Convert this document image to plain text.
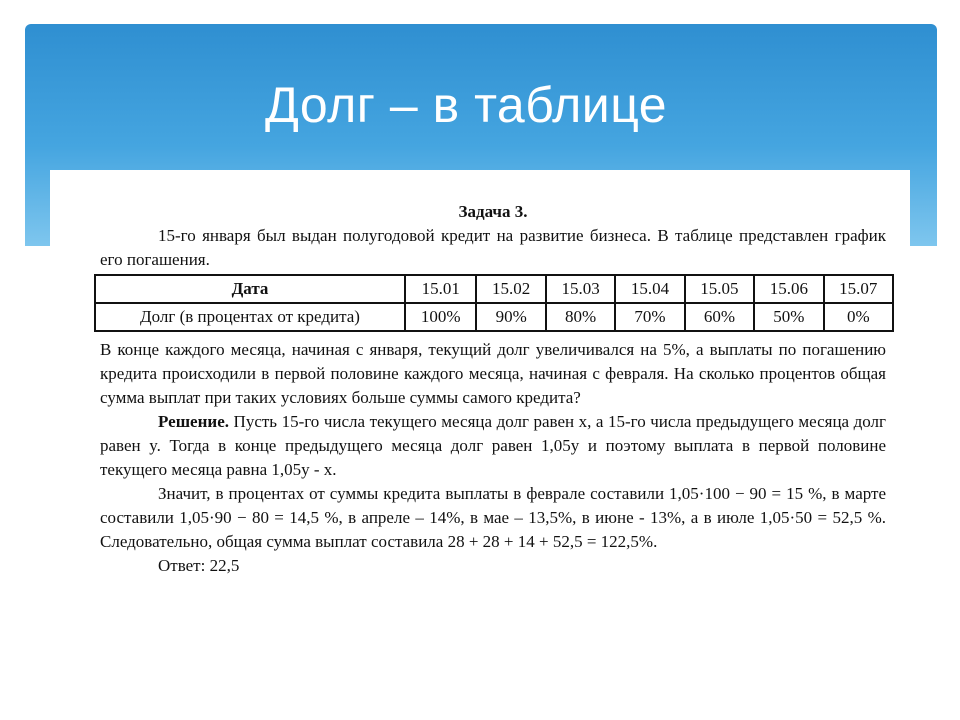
Долг – в таблице
Задача 3.

15-го января был выдан полугодовой кредит на развитие бизнеса. В таблице представлен график его погашения.

Дата	15.01	15.02	15.03	15.04	15.05	15.06	15.07
Долг (в процентах от кредита)	100%	90%	80%	70%	60%	50%	0%

В конце каждого месяца, начиная с января, текущий долг увеличивался на 5%, а выплаты по погашению кредита происходили в первой половине каждого месяца, начиная с февраля. На сколько процентов общая сумма выплат при таких условиях больше суммы самого кредита?

Решение. Пусть 15-го числа текущего месяца долг равен x, а 15-го числа предыдущего месяца долг равен y. Тогда в конце предыдущего месяца долг равен 1,05y и поэтому выплата в первой половине текущего месяца равна 1,05y - x.

Значит, в процентах от суммы кредита выплаты в феврале составили 1,05·100 − 90 = 15 %, в марте составили 1,05·90 − 80 = 14,5 %, в апреле – 14%, в мае – 13,5%, в июне - 13%, а в июле 1,05·50 = 52,5 %. Следовательно, общая сумма выплат составила 28 + 28 + 14 + 52,5 = 122,5%.

Ответ: 22,5
